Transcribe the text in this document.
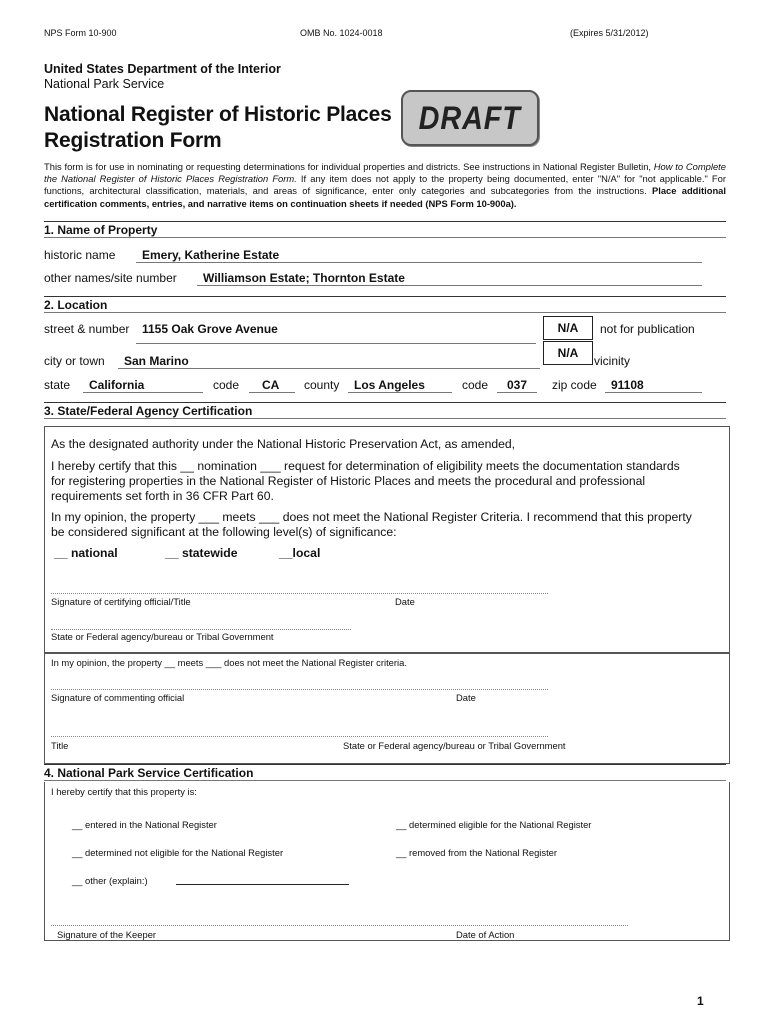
NPS Form 10-900	OMB No. 1024-0018	(Expires 5/31/2012)
United States Department of the Interior
National Park Service
National Register of Historic Places
Registration Form
DRAFT
This form is for use in nominating or requesting determinations for individual properties and districts. See instructions in National Register Bulletin, How to Complete the National Register of Historic Places Registration Form. If any item does not apply to the property being documented, enter "N/A" for "not applicable." For functions, architectural classification, materials, and areas of significance, enter only categories and subcategories from the instructions. Place additional certification comments, entries, and narrative items on continuation sheets if needed (NPS Form 10-900a).
1. Name of Property
historic name Emery, Katherine Estate
other names/site number Williamson Estate; Thornton Estate
2. Location
street & number 1155 Oak Grove Avenue	N/A	not for publication
city or town San Marino
N/A
vicinity
state California	code CA county Los Angeles	code 037 zip code 91108
3. State/Federal Agency Certification
As the designated authority under the National Historic Preservation Act, as amended,
I hereby certify that this __ nomination ___ request for determination of eligibility meets the documentation standards
for registering properties in the National Register of Historic Places and meets the procedural and professional
requirements set forth in 36 CFR Part 60.
In my opinion, the property ___ meets ___ does not meet the National Register Criteria. I recommend that this property
be considered significant at the following level(s) of significance:
__ national	__ statewide	__local
Signature of certifying official/Title	Date
State or Federal agency/bureau or Tribal Government
In my opinion, the property __ meets ___ does not meet the National Register criteria.
Signature of commenting official	Date
Title	State or Federal agency/bureau or Tribal Government
4. National Park Service Certification
I hereby certify that this property is:
__ entered in the National Register	__ determined eligible for the National Register
__ determined not eligible for the National Register	__ removed from the National Register
__ other (explain:)
Signature of the Keeper	Date of Action
1
